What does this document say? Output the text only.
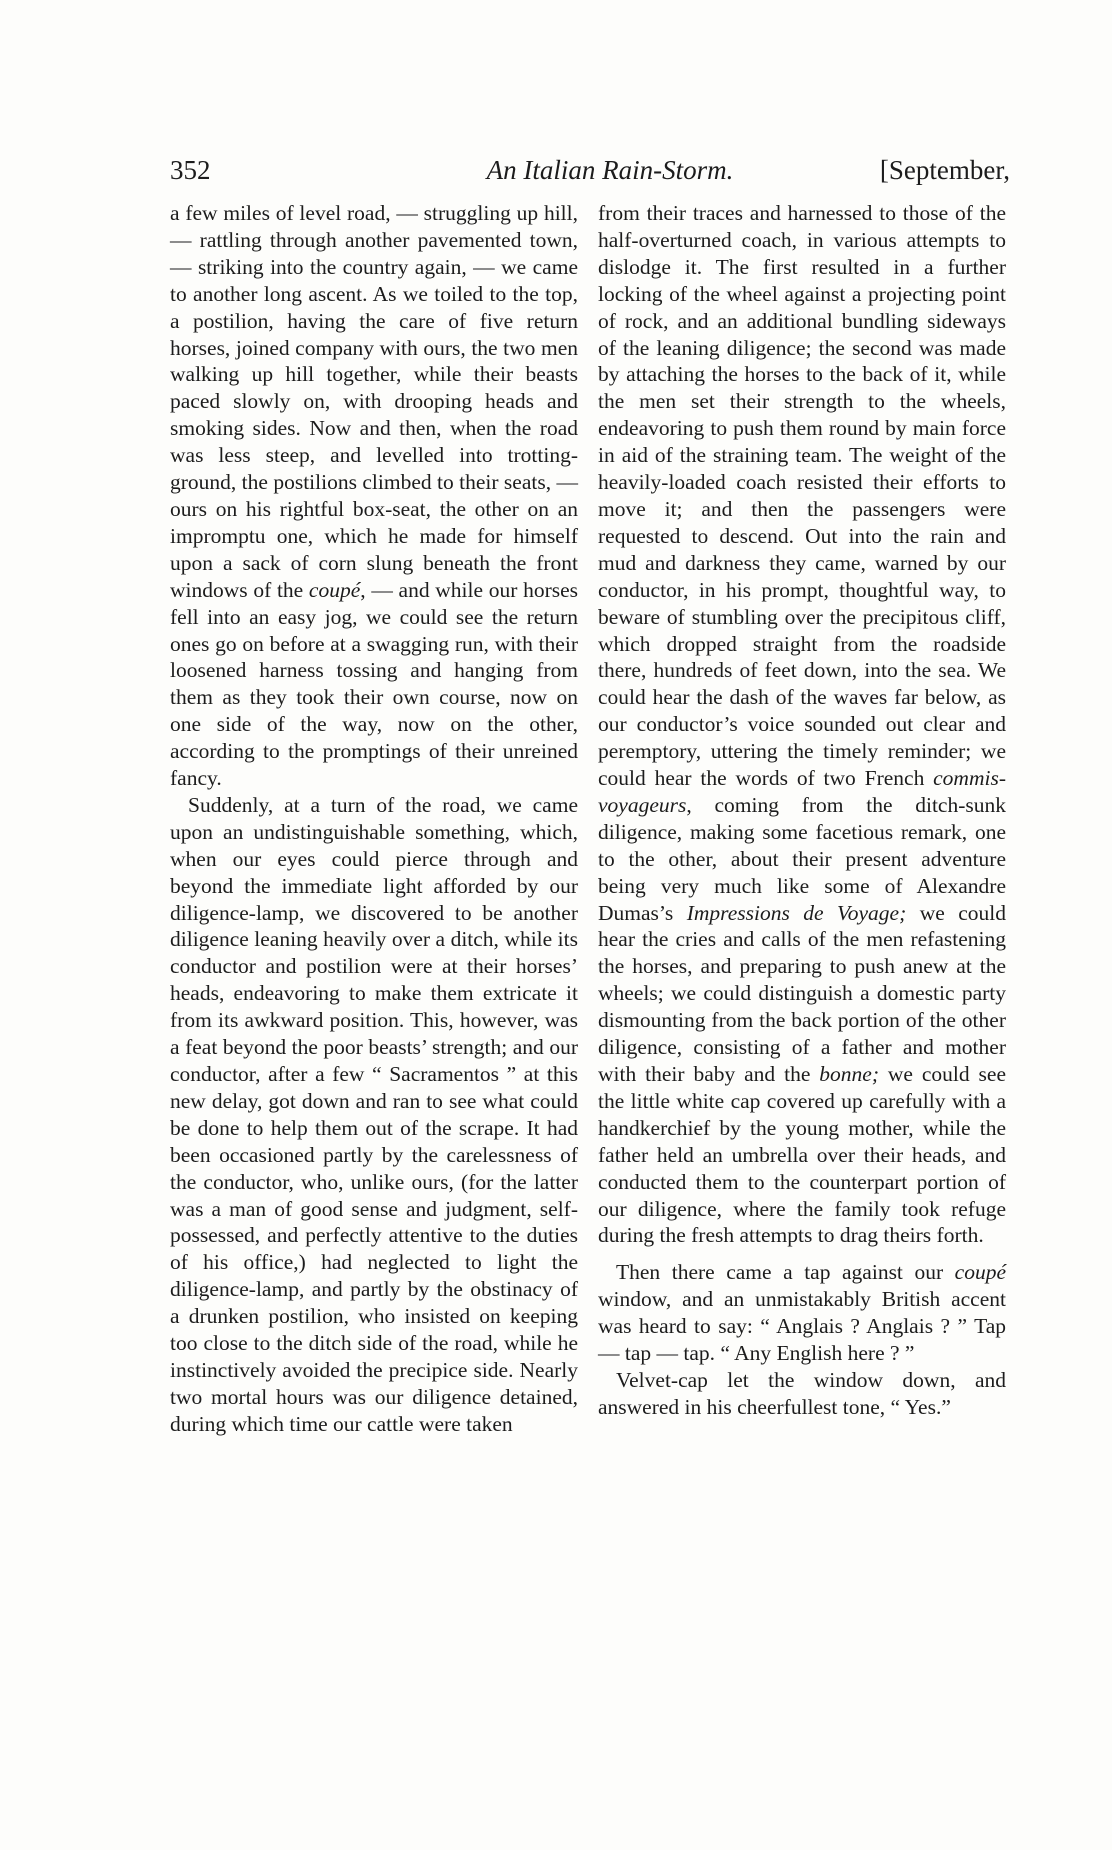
352	An Italian Rain-Storm.	[September,

a few miles of level road, — struggling up hill, — rattling through another pavemented town, — striking into the country again, — we came to another long ascent. As we toiled to the top, a postilion, having the care of five return horses, joined company with ours, the two men walking up hill together, while their beasts paced slowly on, with drooping heads and smoking sides. Now and then, when the road was less steep, and levelled into trotting-ground, the postilions climbed to their seats, — ours on his rightful box-seat, the other on an impromptu one, which he made for himself upon a sack of corn slung beneath the front windows of the coupé, — and while our horses fell into an easy jog, we could see the return ones go on before at a swagging run, with their loosened harness tossing and hanging from them as they took their own course, now on one side of the way, now on the other, according to the promptings of their unreined fancy.

Suddenly, at a turn of the road, we came upon an undistinguishable something, which, when our eyes could pierce through and beyond the immediate light afforded by our diligence-lamp, we discovered to be another diligence leaning heavily over a ditch, while its conductor and postilion were at their horses’ heads, endeavoring to make them extricate it from its awkward position. This, however, was a feat beyond the poor beasts’ strength; and our conductor, after a few “ Sacramentos ” at this new delay, got down and ran to see what could be done to help them out of the scrape. It had been occasioned partly by the carelessness of the conductor, who, unlike ours, (for the latter was a man of good sense and judgment, self-possessed, and perfectly attentive to the duties of his office,) had neglected to light the diligence-lamp, and partly by the obstinacy of a drunken postilion, who insisted on keeping too close to the ditch side of the road, while he instinctively avoided the precipice side. Nearly two mortal hours was our diligence detained, during which time our cattle were taken

from their traces and harnessed to those of the half-overturned coach, in various attempts to dislodge it. The first resulted in a further locking of the wheel against a projecting point of rock, and an additional bundling sideways of the leaning diligence; the second was made by attaching the horses to the back of it, while the men set their strength to the wheels, endeavoring to push them round by main force in aid of the straining team. The weight of the heavily-loaded coach resisted their efforts to move it; and then the passengers were requested to descend. Out into the rain and mud and darkness they came, warned by our conductor, in his prompt, thoughtful way, to beware of stumbling over the precipitous cliff, which dropped straight from the roadside there, hundreds of feet down, into the sea. We could hear the dash of the waves far below, as our conductor’s voice sounded out clear and peremptory, uttering the timely reminder; we could hear the words of two French commis-voyageurs, coming from the ditch-sunk diligence, making some facetious remark, one to the other, about their present adventure being very much like some of Alexandre Dumas’s Impressions de Voyage; we could hear the cries and calls of the men refastening the horses, and preparing to push anew at the wheels; we could distinguish a domestic party dismounting from the back portion of the other diligence, consisting of a father and mother with their baby and the bonne; we could see the little white cap covered up carefully with a handkerchief by the young mother, while the father held an umbrella over their heads, and conducted them to the counterpart portion of our diligence, where the family took refuge during the fresh attempts to drag theirs forth.

Then there came a tap against our coupé window, and an unmistakably British accent was heard to say: “ Anglais ? Anglais ? ” Tap — tap — tap. “ Any English here ? ”

Velvet-cap let the window down, and answered in his cheerfullest tone, “ Yes.”
